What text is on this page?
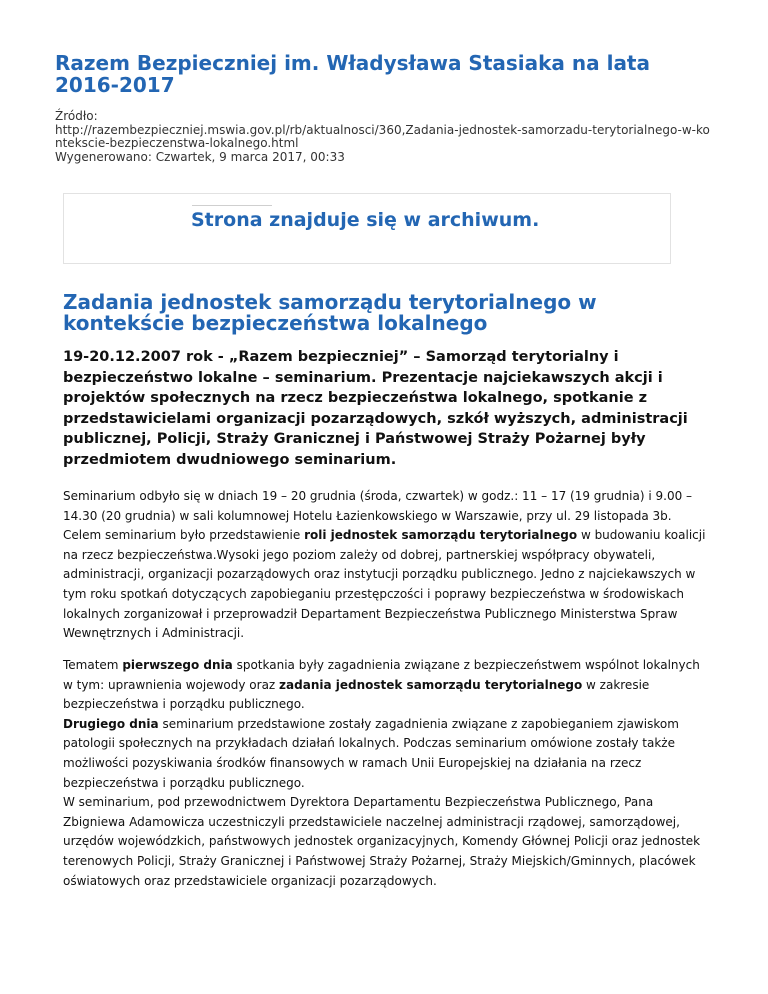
Razem Bezpieczniej im. Władysława Stasiaka na lata 2016-2017
Źródło:
http://razembezpieczniej.mswia.gov.pl/rb/aktualnosci/360,Zadania-jednostek-samorzadu-terytorialnego-w-kontekscie-bezpieczenstwa-lokalnego.html
Wygenerowano: Czwartek, 9 marca 2017, 00:33
Strona znajduje się w archiwum.
Zadania jednostek samorządu terytorialnego w kontekście bezpieczeństwa lokalnego

19-20.12.2007 rok - „Razem bezpieczniej” – Samorząd terytorialny i bezpieczeństwo lokalne – seminarium. Prezentacje najciekawszych akcji i projektów społecznych na rzecz bezpieczeństwa lokalnego, spotkanie z przedstawicielami organizacji pozarządowych, szkół wyższych, administracji publicznej, Policji, Straży Granicznej i Państwowej Straży Pożarnej były przedmiotem dwudniowego seminarium.

Seminarium odbyło się w dniach 19 – 20 grudnia (środa, czwartek) w godz.: 11 – 17 (19 grudnia) i 9.00 – 14.30 (20 grudnia) w sali kolumnowej Hotelu Łazienkowskiego w Warszawie, przy ul. 29 listopada 3b. Celem seminarium było przedstawienie roli jednostek samorządu terytorialnego w budowaniu koalicji na rzecz bezpieczeństwa.Wysoki jego poziom zależy od dobrej, partnerskiej współpracy obywateli, administracji, organizacji pozarządowych oraz instytucji porządku publicznego. Jedno z najciekawszych w tym roku spotkań dotyczących zapobieganiu przestępczości i poprawy bezpieczeństwa w środowiskach lokalnych zorganizował i przeprowadził Departament Bezpieczeństwa Publicznego Ministerstwa Spraw Wewnętrznych i Administracji.

Tematem pierwszego dnia spotkania były zagadnienia związane z bezpieczeństwem wspólnot lokalnych w tym: uprawnienia wojewody oraz zadania jednostek samorządu terytorialnego w zakresie bezpieczeństwa i porządku publicznego.
Drugiego dnia seminarium przedstawione zostały zagadnienia związane z zapobieganiem zjawiskom patologii społecznych na przykładach działań lokalnych. Podczas seminarium omówione zostały także możliwości pozyskiwania środków finansowych w ramach Unii Europejskiej na działania na rzecz bezpieczeństwa i porządku publicznego.
W seminarium, pod przewodnictwem Dyrektora Departamentu Bezpieczeństwa Publicznego, Pana Zbigniewa Adamowicza uczestniczyli przedstawiciele naczelnej administracji rządowej, samorządowej, urzędów wojewódzkich, państwowych jednostek organizacyjnych, Komendy Głównej Policji oraz jednostek terenowych Policji, Straży Granicznej i Państwowej Straży Pożarnej, Straży Miejskich/Gminnych, placówek oświatowych oraz przedstawiciele organizacji pozarządowych.
